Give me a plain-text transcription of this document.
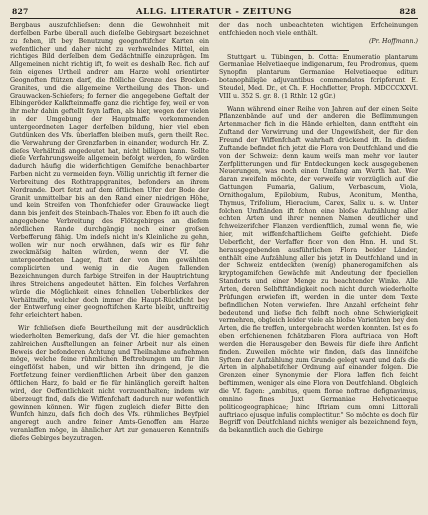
827	ALLG. LITERATUR - ZEITUNG	828

Bergbaus auszufchlieſsen: denn die Gewohnheit mit derfelben Farbe überall auch dieſelbe Gebirgsart bezeichnet zu fehen, iſt bey Benutzung geognoftifcher Karten ein wefentlicher und daher nicht zu verhwelndes Mittel, ein richtiges Bild derſelben dem Gedächtniſſe einzuprägen. Im Allgemeinen nicht richtig ift, fo weit es deshalb Rec. fich auf fein eigenes Urtheil andrer am Harze wohl orientirter Geognoften ftützen darf, die ftölliche Grenze des Brocken-Granites, und die allgemeine Vertheilung des Thon- und Grauwacken-Schiefers; fo ferner die angegebene Geftalt der Elbingeröder Kalkfteinmaffe ganz die richtige fey, weil er von ihr mehr dahin geftellt feyn laffen, als hier, wegen der vielen in der Umgebung der Hauptmaffe vorkommenden untergeordneten Lager derfelben bildung, hier viel eben Gutdünken des Vfs. überlaffen bleiben muſs, gern theilt Rec. die Verwahrung der Grenzfarben in einander, wodurch Hr. Z. dieſes Verhältniß angedeutet hat, nicht billigen kann. Sollte dieſe Verfahrungsweife allgemein befolgt werden, fo würden dadurch häufig die widerfichtigen Gemifche benachbarter Farben nicht zu vermeiden feyn. Völlig unrichtig iſt ferner die Verbreitung des Rothtrappgranites, befonders an ihrem Nordrande. Dort fetzt auf dem öftlichen Ufer der Bode der Granit unmittelbar bis an den Rand einer niedrigen Höhe, und kein Streifen von Thonfchiefer oder Grauwacke liegt dann bis jenfeit des Steinbach-Thales vor. Eben fo iſt auch die angegebene Verbreitung des Flötzgebirges an diefem nördlichen Rande durchgängig noch einer groſsen Verbefferung fähig. Um indeſs nicht in's Kleinliche zu gehn, wollen wir nur noch erwähnen, daſs wir es für fehr zweckmäſsig halten würden, wenn der Vf. die untergeordneten Lager, ftatt der von ihm gewählten complicirten und wenig in die Augen fallenden Bezeichnungen durch farbige Streifen in der Hauptrichtung ihres Streichens angedeutet hätten. Ein folches Verfahren würde die Möglichkeit eines fchnellen Ueberblickes der Verhältniffe, welcher doch immer die Haupt-Rückficht bey der Entwerfung einer geognoftifchen Karte bleibt, unftreitig fehr erleichtert haben.

Wir fchlieſsen diefe Beurtheilung mit der ausdrücklich wiederholten Bemerkung, daſs der Vf. die hier gemachten zahlreichen Ausftellungen an feiner Arbeit nur als einen Beweis der befonderen Achtung und Theilnahme aufnehmen möge, welche feine rühmlichen Beftrebungen um für ihn eingeflöſst haben, und wir bitten ihn dringend, je die Fortfetzung feiner verdienftlichen Arbeit über den ganzen öftlichen Harz, fo bald er fie für hinlänglich gereift halten wird, der Oeffentlichkeit nicht vorzuenthalten; indem wir überzeugt find, daſs die Wiffenfchaft dadurch nur wefentlich gewinnen können. Wir fügen zugleich diefer Bitte den Wunfch hinzu, daſs fich doch des Vfs. rühmliches Beyfpiel angeregt auch andre feiner Amts-Genoffen am Harze veranlaffen möge, in ähnlicher Art zur genaueren Kenntniſs diefes Gebirges beyzutragen.

der das noch unbeachteten wichtigen Erfcheinungen entfchieden noch viele enthält.

(Pr. Hoffmann.)

Stuttgart u. Tübingen, b. Cotta: Enumeratio plantarum Germaniae Helvetiaeque indigenarum, feu Prodromus, quem Synopfin plantarum Germaniae Helvetiaeque editurı botanophiliqüe adjuvantibus commendatos fcripferunt E. Steudel, Med. Dr., et Ch. F. Hochfletter, Proph. MDCCCXXVI. VIII u. 352 S. gr. 8. (1 Rthlr. 12 gGr.)

Wann während einer Reihe von Jahren auf der einen Seite Pflanzenbände auf und der anderen die Beflimmungen Artenmacher fich in die Hände erhielten, dann entfteht ein Zuftand der Verwirrung und der Ungewiſsheit, der für den Freund der Wiffenfchaft wahrhaft drückend ift. In diefem Zuftande befindet fich jetzt die Flora von Deutfchland und die von der Schweiz: denn kaum weiſs man mehr vor lauter Zerfplitterungen und für Entdeckungen keck ausgegebenen Neuerungen, was noch einen Umfang am Werth hat. Wer daran zweifeln möchte, der verweife wir vorzüglich auf die Gattungen Fumaria, Galium, Verbascum, Viola, Ornithogalum, Epilobium, Rubus, Aconitum, Mentha, Thymus, Trifolium, Hieracium, Carex, Salix u. s. w. Unter folchen Umftänden ift fchon eine bloſse Aufzählung aller echten Arten und ihrer nennen Namen deutlicher und fchweizerifcher Flanzen verdienftlich, zumal wenn fie, wie hier, mit wiffenfchaftlichem Geifte gefchieht. Diefe Ueberficht, der Verfaffer ficer von den Hnn. H. und St. herausgegebenden ausführlichen Flora beider Länder, enthält eine Aufzählung aller bis jetzt in Deutfchland und in der Schweiz entdeckten (wenig) phanerogamifchen als kryptogamifchen Gewächfe mit Andeutung der fpeciellen Standorts und einer Menge zu beachtender Winke. Alle Arten, deren Selbftftändigkeit noch nicht durch wiederholte Prüfungen erwiefen ift, werden in die unter dem Texte befindlichen Noten verwiefen. Ihre Anzahl erfcheint fehr bedeutend und liefse fich felbft noch ohne Schwierigkeit vermehren, obgleich leider viele als bloſse Varietäten bey den Arten, die fie treffen, untergebracht werden konnten. Ist es fo eben erfchienenen fchätzbaren Flora auftriaca von Hoft werden die Herausgeber den Beweis für diefe ihre Anficht finden. Zuweilen möchte wir finden, daſs das linnéifche Syftem der Aufzählung zum Grunde gelegt ward und daſs die Arten in alphabetifcher Ordnung auf einander folgen. Die Grenzen einer Synonymie der Flora laffen fich feicht beftimmen, weniger als eine Flora von Deutfchland. Obgleich die Vf. fagen: „ambitus, quem florae noftrae defignavimus, omnino fines Juxt Germaniae Helveticaeque politicogeographicae; hinc Iftriam cum omni Littorali auftriaco ejusque infulis complectitur." So möchte es doch für Begriff von Deutfchland nichts weniger als bezeichnend feyn, da bekanntlich auch die Gebirge
